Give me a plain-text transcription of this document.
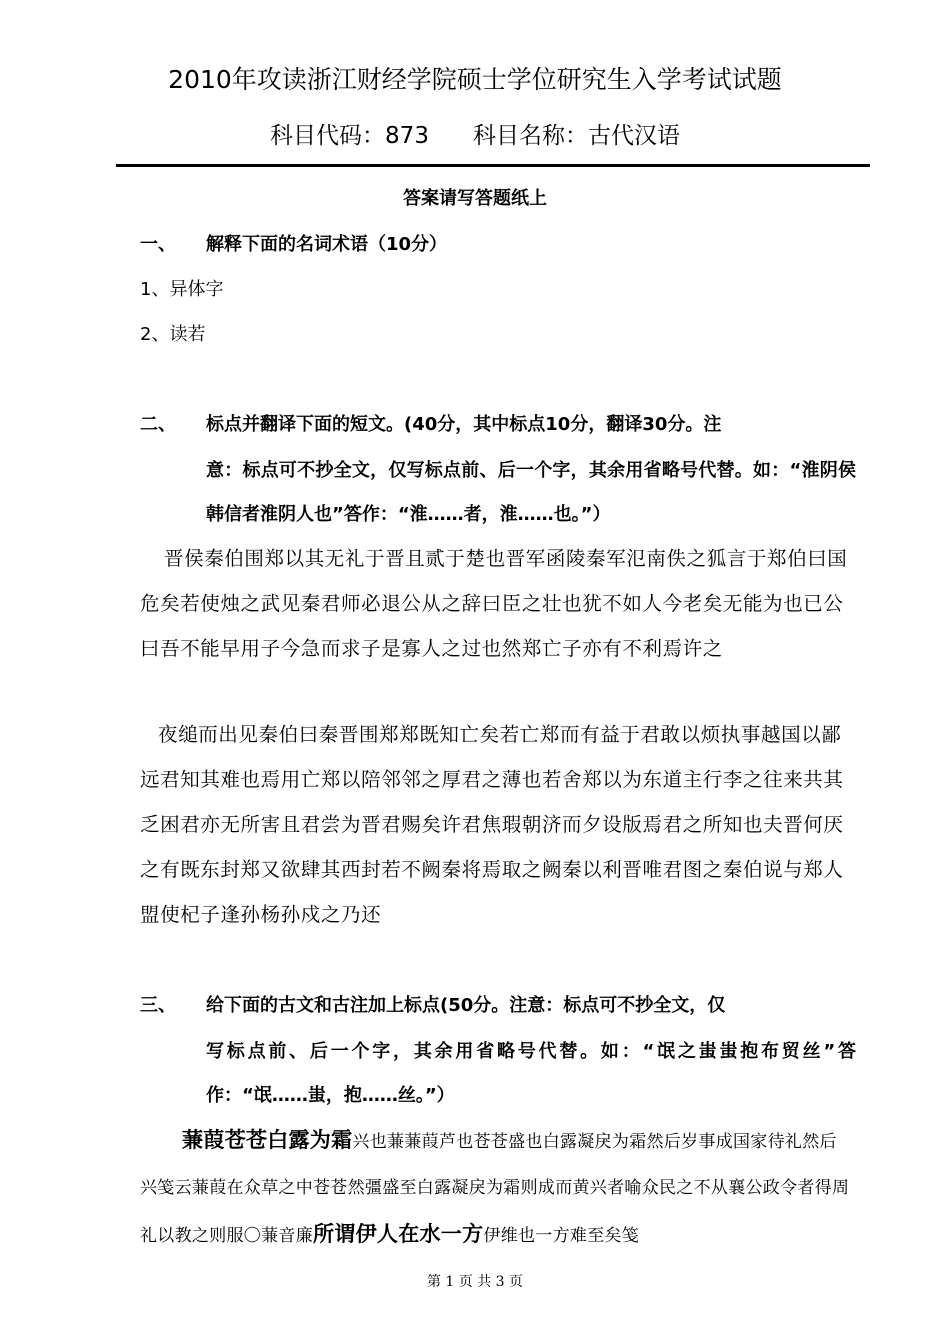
2010年攻读浙江财经学院硕士学位研究生入学考试试题
科目代码：873 科目名称：古代汉语
答案请写答题纸上
一、 解释下面的名词术语（10分）
1、异体字
2、读若
二、 标点并翻译下面的短文。(40分，其中标点10分，翻译30分。注
意：标点可不抄全文，仅写标点前、后一个字，其余用省略号代替。如：“淮阴侯韩信者淮阴人也”答作：“淮……者，淮……也。”）
晋侯秦伯围郑以其无礼于晋且贰于楚也晋军函陵秦军氾南佚之狐言于郑伯曰国危矣若使烛之武见秦君师必退公从之辞曰臣之壮也犹不如人今老矣无能为也已公曰吾不能早用子今急而求子是寡人之过也然郑亡子亦有不利焉许之
夜缒而出见秦伯曰秦晋围郑郑既知亡矣若亡郑而有益于君敢以烦执事越国以鄙远君知其难也焉用亡郑以陪邻邻之厚君之薄也若舍郑以为东道主行李之往来共其乏困君亦无所害且君尝为晋君赐矣许君焦瑕朝济而夕设版焉君之所知也夫晋何厌之有既东封郑又欲肆其西封若不阙秦将焉取之阙秦以利晋唯君图之秦伯说与郑人盟使杞子逢孙杨孙戍之乃还
三、 给下面的古文和古注加上标点(50分。注意：标点可不抄全文，仅
写标点前、后一个字，其余用省略号代替。如：“氓之蚩蚩抱布贸丝”答作：“氓……蚩，抱……丝。”）
蒹葭苍苍白露为霜兴也蒹蒹葭芦也苍苍盛也白露凝戾为霜然后岁事成国家待礼然后兴笺云蒹葭在众草之中苍苍然彊盛至白露凝戾为霜则成而黄兴者喻众民之不从襄公政令者得周礼以教之则服〇蒹音廉所谓伊人在水一方伊维也一方难至矣笺
第 1 页 共 3 页
